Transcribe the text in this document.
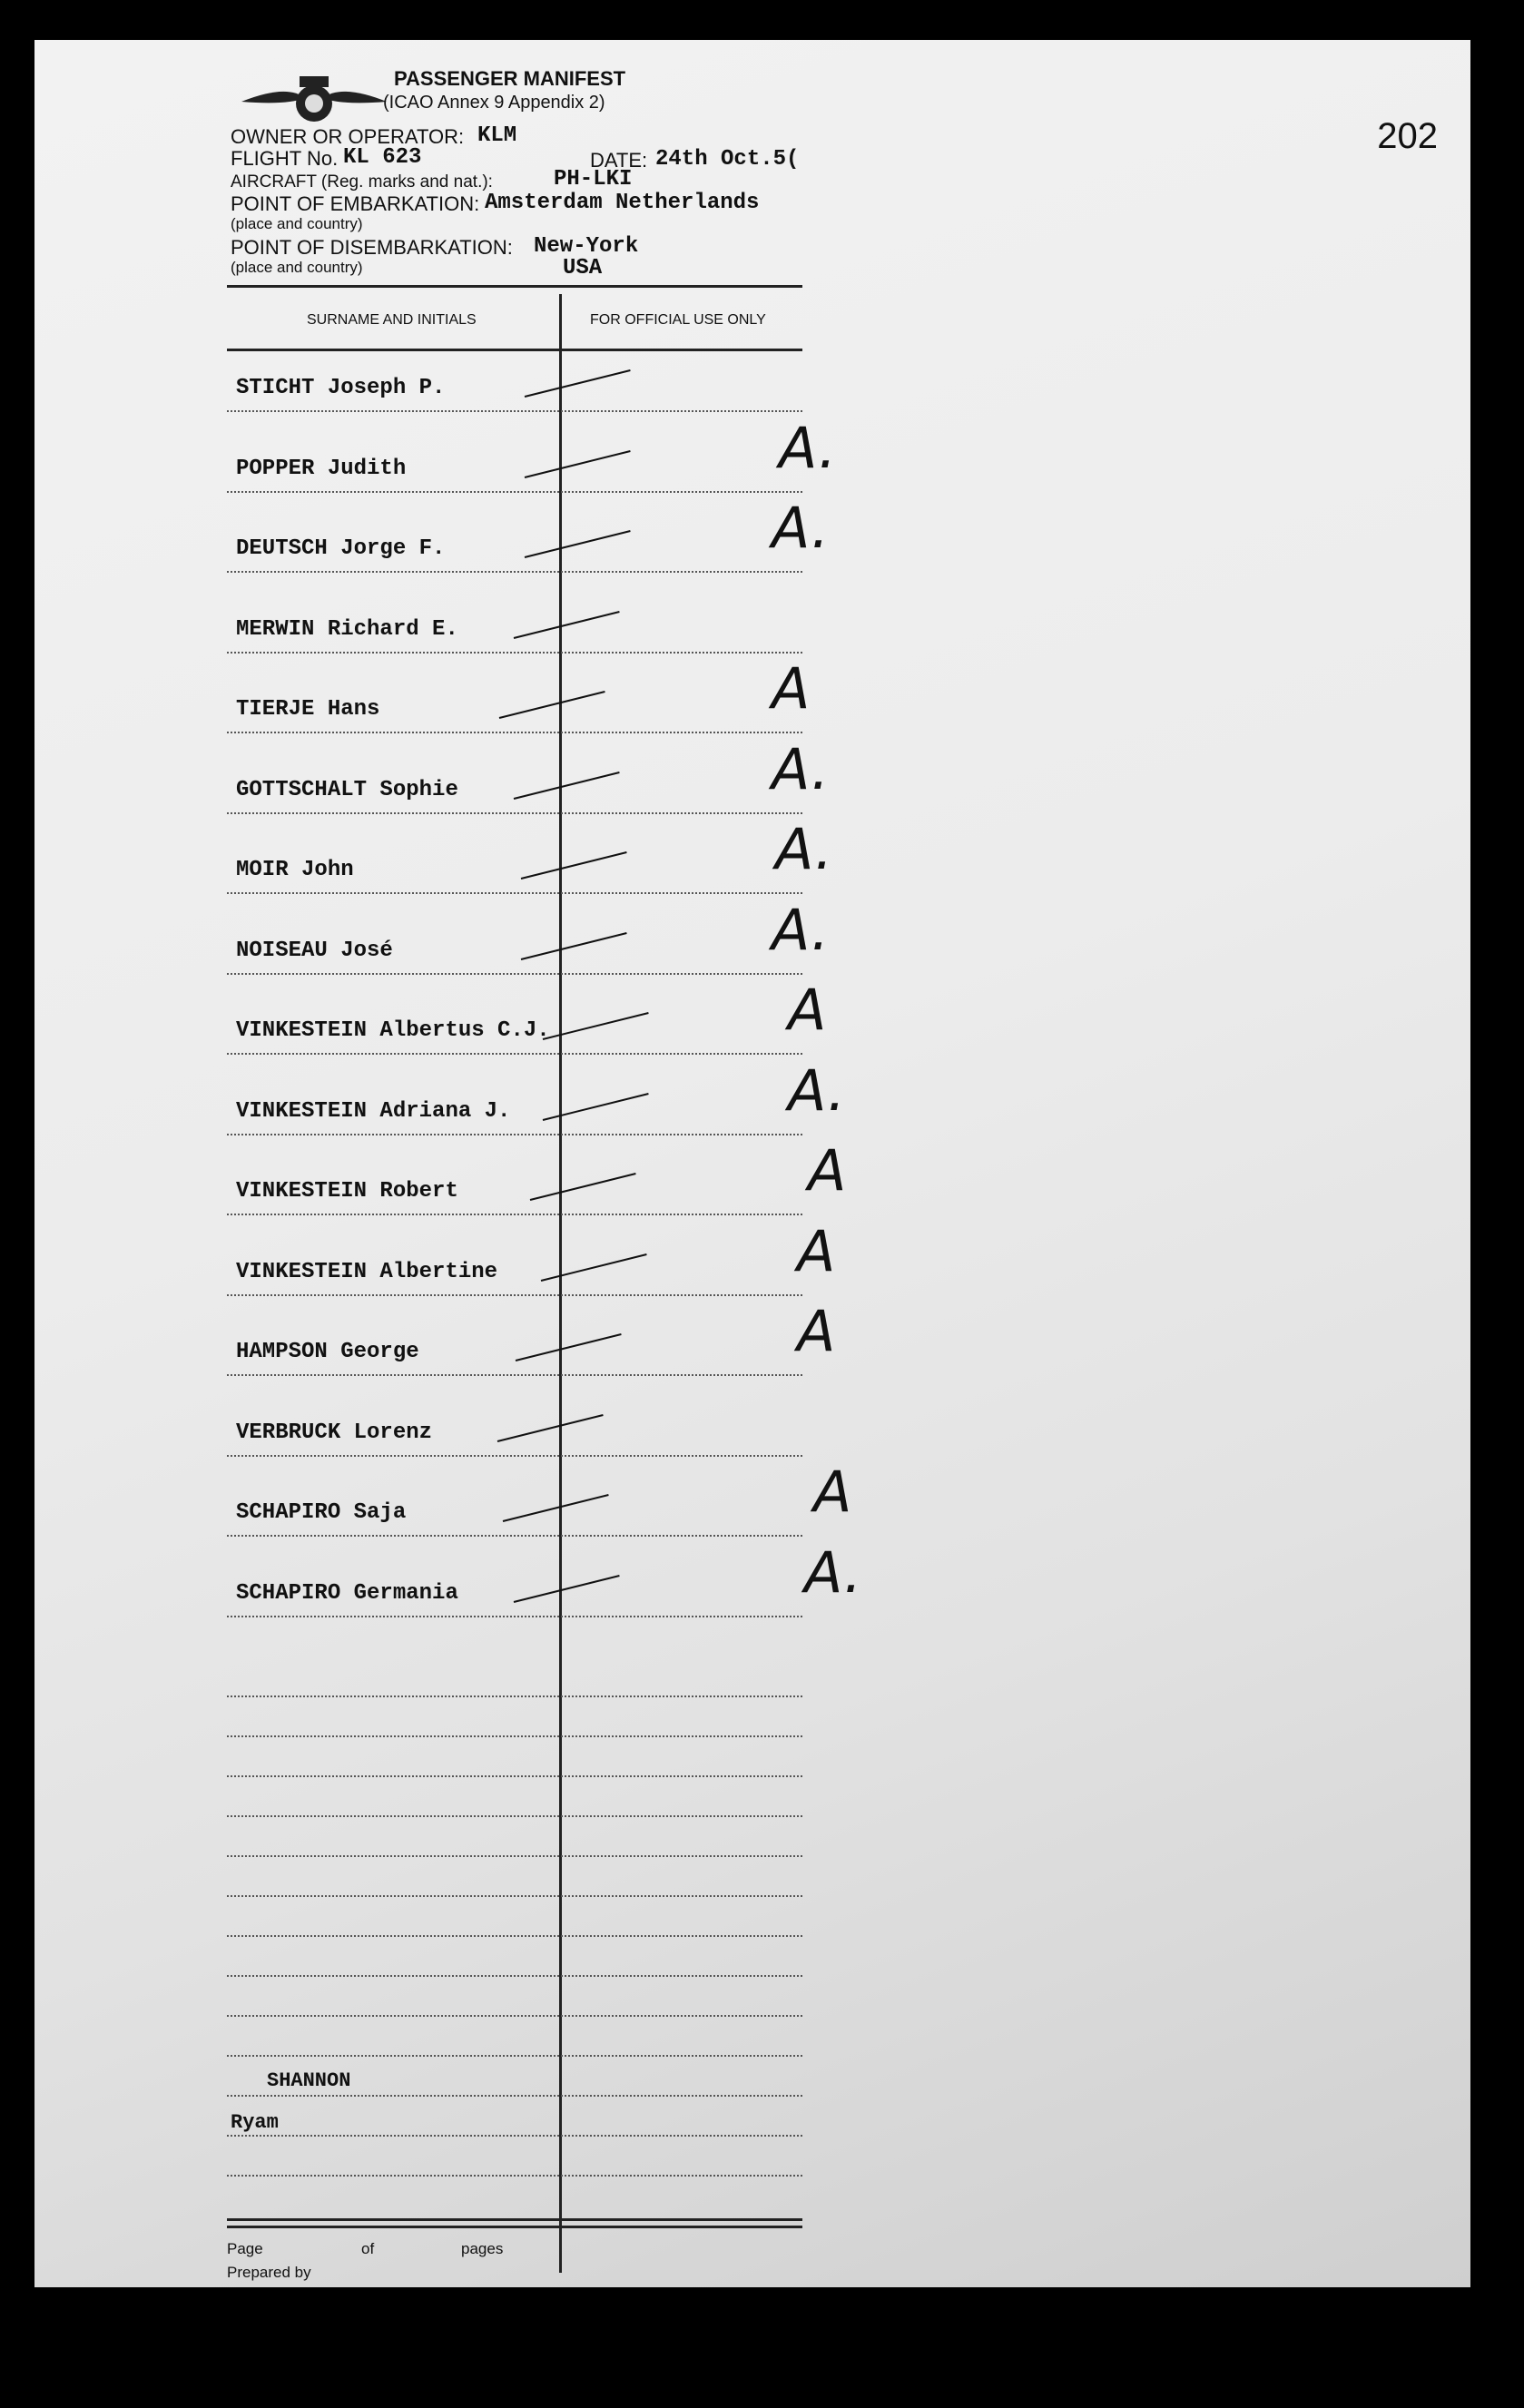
PASSENGER MANIFEST
(ICAO Annex 9 Appendix 2)
202
OWNER OR OPERATOR: KLM
FLIGHT No. KL 623	DATE: 24th Oct.5(
AIRCRAFT (Reg. marks and nat.):	PH-LKI
POINT OF EMBARKATION: Amsterdam Netherlands
(place and country)
POINT OF DISEMBARKATION: New-York
(place and country)	USA
SURNAME AND INITIALS	FOR OFFICIAL USE ONLY
STICHT Joseph P.
POPPER Judith	A.
DEUTSCH Jorge F.	A.
MERWIN Richard E.
TIERJE Hans	A
GOTTSCHALT Sophie	A.
MOIR John	A.
NOISEAU José	A.
VINKESTEIN Albertus C.J.	A
VINKESTEIN Adriana J.	A.
VINKESTEIN Robert	A
VINKESTEIN Albertine	A
HAMPSON George	A
VERBRUCK Lorenz
SCHAPIRO Saja	A
SCHAPIRO Germania	A.
SHANNON
Ryam
Page	of	pages
Prepared by
